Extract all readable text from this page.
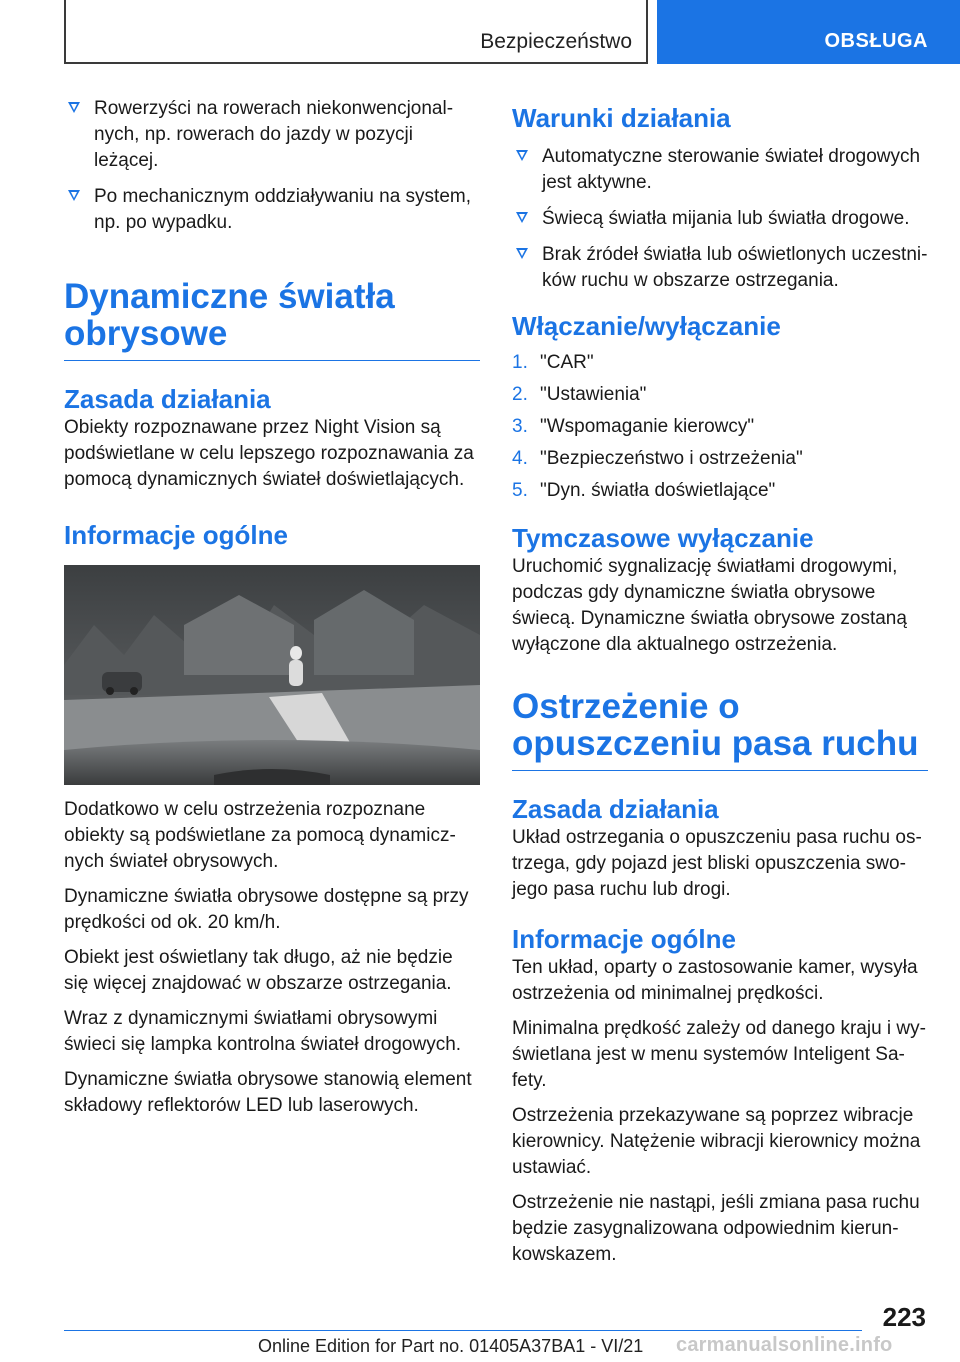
Bezpieczeństwo	OBSŁUGA
Rowerzyści na rowerach niekonwencjonalnych, np. rowerach do jazdy w pozycji leżącej.
Po mechanicznym oddziaływaniu na system, np. po wypadku.
Dynamiczne światła obrysowe
Zasada działania

Obiekty rozpoznawane przez Night Vision są podświetlane w celu lepszego rozpoznawania za pomocą dynamicznych świateł doświetlających.

Informacje ogólne

Dodatkowo w celu ostrzeżenia rozpoznane obiekty są podświetlane za pomocą dynamicznych świateł obrysowych.

Dynamiczne światła obrysowe dostępne są przy prędkości od ok. 20 km/h.

Obiekt jest oświetlany tak długo, aż nie będzie się więcej znajdować w obszarze ostrzegania.

Wraz z dynamicznymi światłami obrysowymi świeci się lampka kontrolna świateł drogowych.

Dynamiczne światła obrysowe stanowią element składowy reflektorów LED lub laserowych.

Warunki działania
Automatyczne sterowanie świateł drogowych jest aktywne.
Świecą światła mijania lub światła drogowe.
Brak źródeł światła lub oświetlonych uczestników ruchu w obszarze ostrzegania.
Włączanie/wyłączanie
1. "CAR"
2. "Ustawienia"
3. "Wspomaganie kierowcy"
4. "Bezpieczeństwo i ostrzeżenia"
5. "Dyn. światła doświetlające"
Tymczasowe wyłączanie

Uruchomić sygnalizację światłami drogowymi, podczas gdy dynamiczne światła obrysowe świecą. Dynamiczne światła obrysowe zostaną wyłączone dla aktualnego ostrzeżenia.

Ostrzeżenie o opuszczeniu pasa ruchu
Zasada działania

Układ ostrzegania o opuszczeniu pasa ruchu ostrzega, gdy pojazd jest bliski opuszczenia swojego pasa ruchu lub drogi.

Informacje ogólne

Ten układ, oparty o zastosowanie kamer, wysyła ostrzeżenia od minimalnej prędkości.

Minimalna prędkość zależy od danego kraju i wyświetlana jest w menu systemów Inteligent Safety.

Ostrzeżenia przekazywane są poprzez wibracje kierownicy. Natężenie wibracji kierownicy można ustawiać.

Ostrzeżenie nie nastąpi, jeśli zmiana pasa ruchu będzie zasygnalizowana odpowiednim kierunkowskazem.

223
Online Edition for Part no. 01405A37BA1 - VI/21 carmanualsonline.info
